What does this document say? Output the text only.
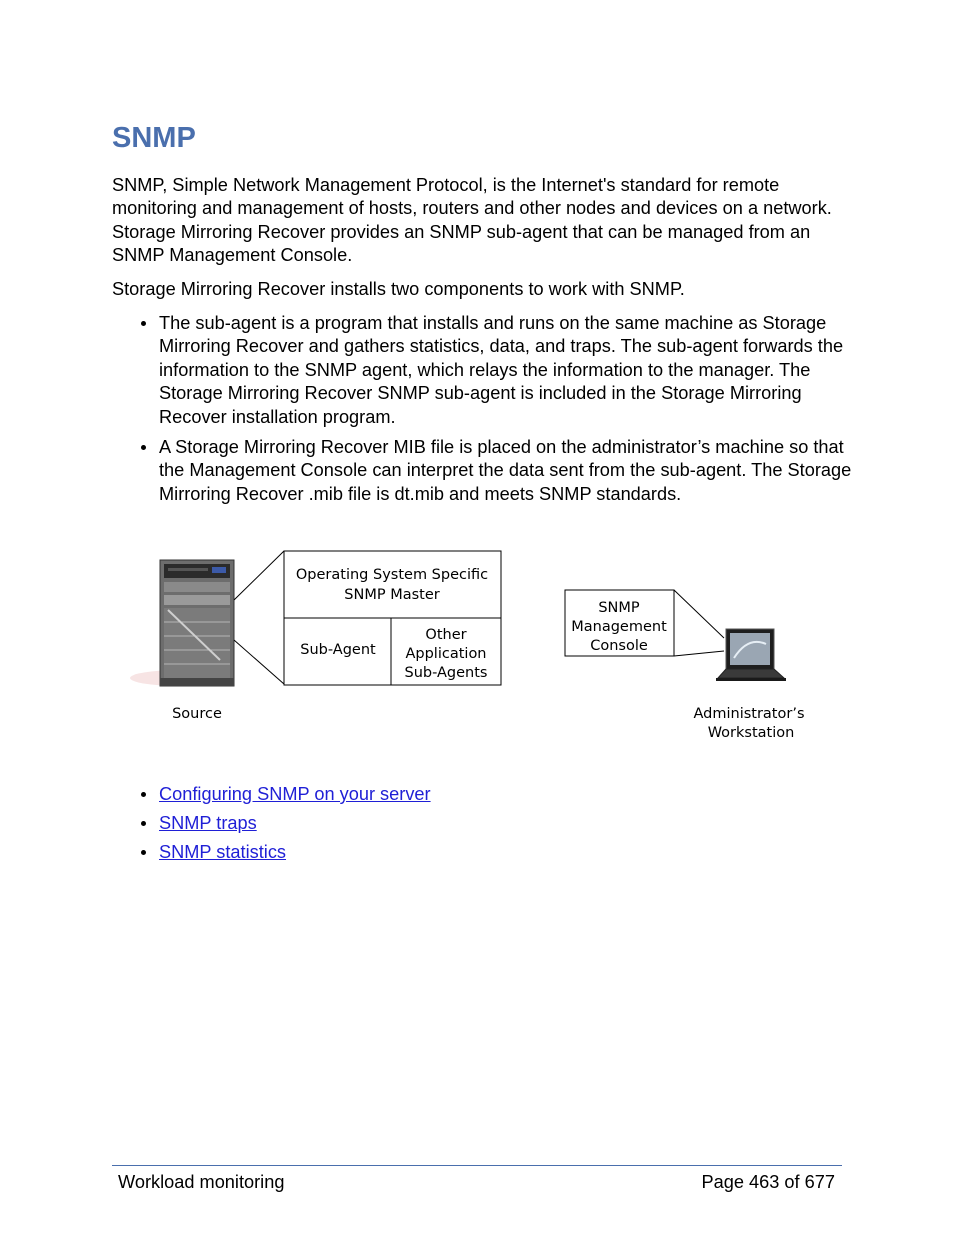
SNMP

SNMP, Simple Network Management Protocol, is the Internet's standard for remote monitoring and management of hosts, routers and other nodes and devices on a network. Storage Mirroring Recover provides an SNMP sub-agent that can be managed from an SNMP Management Console.

Storage Mirroring Recover installs two components to work with SNMP.

The sub-agent is a program that installs and runs on the same machine as Storage Mirroring Recover and gathers statistics, data, and traps. The sub-agent forwards the information to the SNMP agent, which relays the information to the manager. The Storage Mirroring Recover SNMP sub-agent is included in the Storage Mirroring Recover installation program.
A Storage Mirroring Recover MIB file is placed on the administrator’s machine so that the Management Console can interpret the data sent from the sub-agent. The Storage Mirroring Recover .mib file is dt.mib and meets SNMP standards.
Operating System Specific
SNMP Master
Sub-Agent
Other
Application
Sub-Agents
Source
SNMP
Management
Console
Administrator’s
Workstation
Configuring SNMP on your server
SNMP traps
SNMP statistics

Workload monitoring	Page 463 of 677
